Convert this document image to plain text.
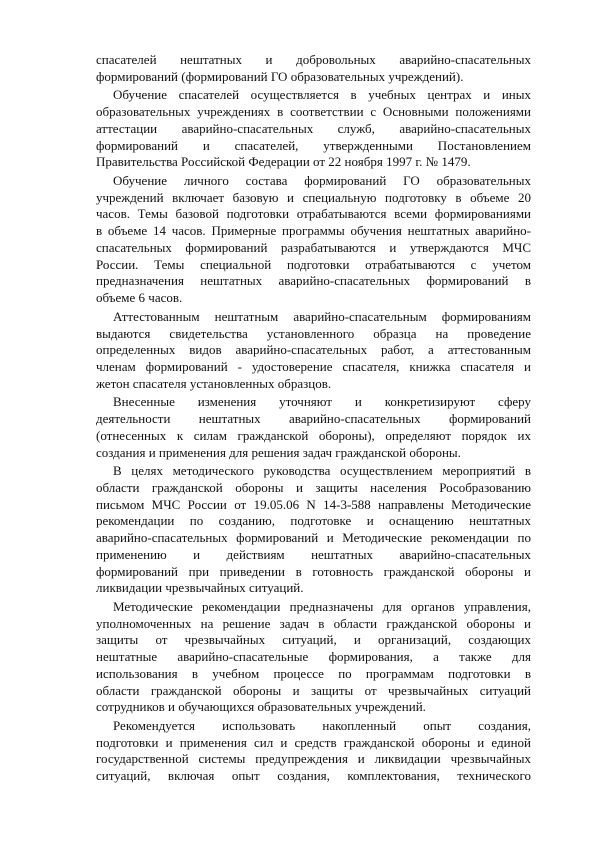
спасателей нештатных и добровольных аварийно-спасательных
формирований (формирований ГО образовательных учреждений).

Обучение спасателей осуществляется в учебных центрах и иных
образовательных учреждениях в соответствии с Основными положениями
аттестации аварийно-спасательных служб, аварийно-спасательных
формирований и спасателей, утвержденными Постановлением
Правительства Российской Федерации от 22 ноября 1997 г. № 1479.

Обучение личного состава формирований ГО образовательных
учреждений включает базовую и специальную подготовку в объеме 20
часов. Темы базовой подготовки отрабатываются всеми формированиями
в объеме 14 часов. Примерные программы обучения нештатных аварийно-
спасательных формирований разрабатываются и утверждаются МЧС
России. Темы специальной подготовки отрабатываются с учетом
предназначения нештатных аварийно-спасательных формирований в
объеме 6 часов.

Аттестованным нештатным аварийно-спасательным формированиям
выдаются свидетельства установленного образца на проведение
определенных видов аварийно-спасательных работ, а аттестованным
членам формирований - удостоверение спасателя, книжка спасателя и
жетон спасателя установленных образцов.

Внесенные изменения уточняют и конкретизируют сферу
деятельности нештатных аварийно-спасательных формирований
(отнесенных к силам гражданской обороны), определяют порядок их
создания и применения для решения задач гражданской обороны.

В целях методического руководства осуществлением мероприятий в
области гражданской обороны и защиты населения Рособразованию
письмом МЧС России от 19.05.06 N 14-3-588 направлены Методические
рекомендации по созданию, подготовке и оснащению нештатных
аварийно-спасательных формирований и Методические рекомендации по
применению и действиям нештатных аварийно-спасательных
формирований при приведении в готовность гражданской обороны и
ликвидации чрезвычайных ситуаций.

Методические рекомендации предназначены для органов управления,
уполномоченных на решение задач в области гражданской обороны и
защиты от чрезвычайных ситуаций, и организаций, создающих
нештатные аварийно-спасательные формирования, а также для
использования в учебном процессе по программам подготовки в
области гражданской обороны и защиты от чрезвычайных ситуаций
сотрудников и обучающихся образовательных учреждений.

Рекомендуется использовать накопленный опыт создания,
подготовки и применения сил и средств гражданской обороны и единой
государственной системы предупреждения и ликвидации чрезвычайных
ситуаций, включая опыт создания, комплектования, технического
